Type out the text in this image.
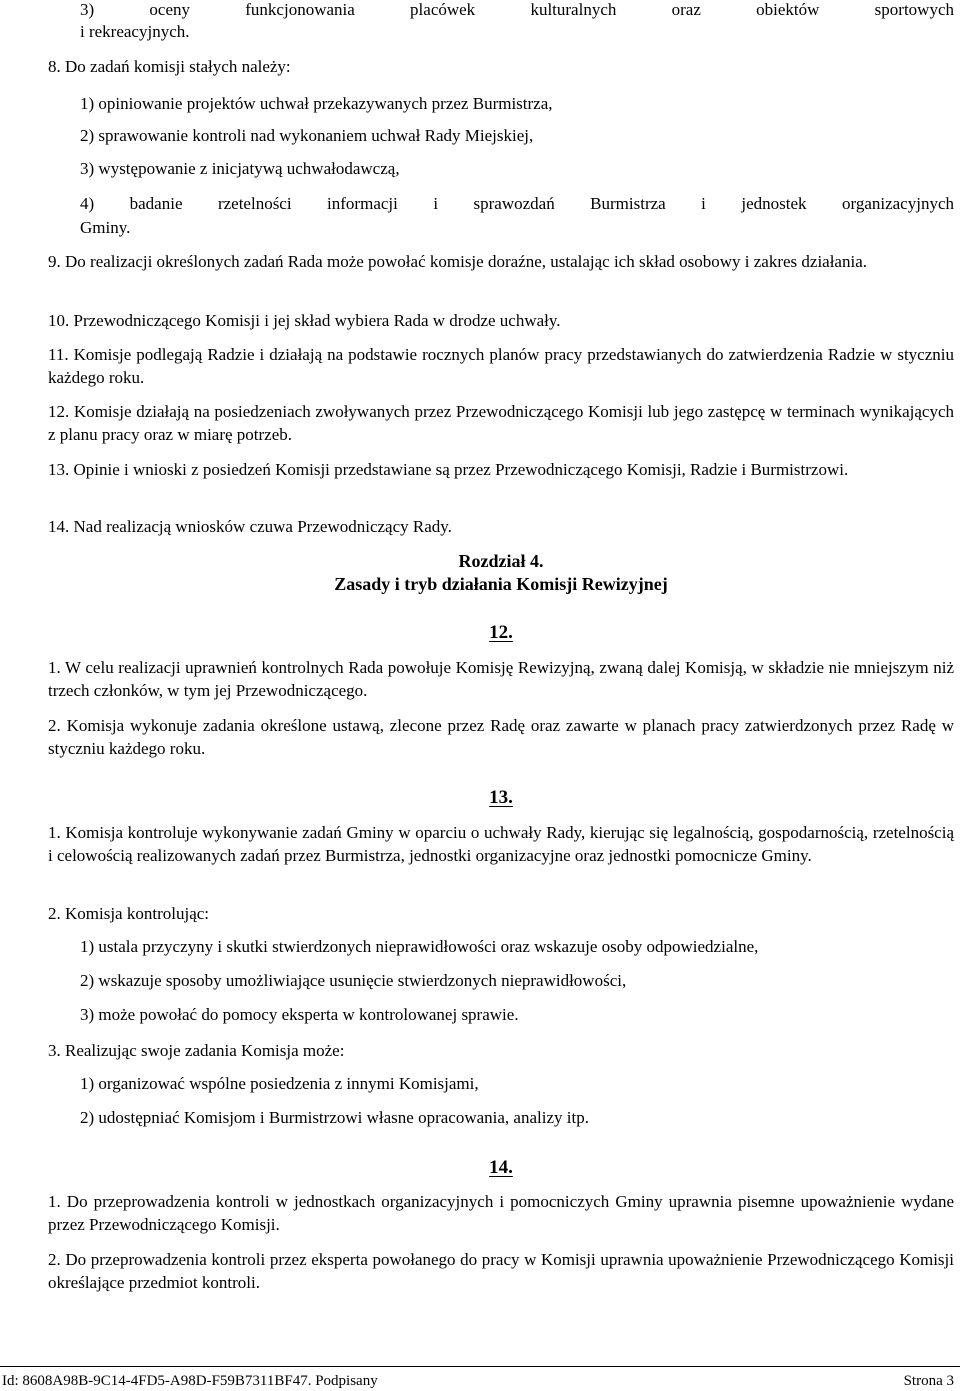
3) oceny funkcjonowania placówek kulturalnych oraz obiektów sportowych

i rekreacyjnych.

8. Do zadań komisji stałych należy:

1) opiniowanie projektów uchwał przekazywanych przez Burmistrza,

2) sprawowanie kontroli nad wykonaniem uchwał Rady Miejskiej,

3) występowanie z inicjatywą uchwałodawczą,

4) badanie rzetelności informacji i sprawozdań Burmistrza i jednostek organizacyjnych

Gminy.

9. Do realizacji określonych zadań Rada może powołać komisje doraźne, ustalając ich skład osobowy i zakres działania.

10. Przewodniczącego Komisji i jej skład wybiera Rada w drodze uchwały.

11. Komisje podlegają Radzie i działają na podstawie rocznych planów pracy przedstawianych do zatwierdzenia Radzie w styczniu każdego roku.

12. Komisje działają na posiedzeniach zwoływanych przez Przewodniczącego Komisji lub jego zastępcę w terminach wynikających z planu pracy oraz w miarę potrzeb.

13. Opinie i wnioski z posiedzeń Komisji przedstawiane są przez Przewodniczącego Komisji, Radzie i Burmistrzowi.

14. Nad realizacją wniosków czuwa Przewodniczący Rady.

Rozdział 4.

Zasady i tryb działania Komisji Rewizyjnej

12.

1. W celu realizacji uprawnień kontrolnych Rada powołuje Komisję Rewizyjną, zwaną dalej Komisją, w składzie nie mniejszym niż trzech członków, w tym jej Przewodniczącego.

2. Komisja wykonuje zadania określone ustawą, zlecone przez Radę oraz zawarte w planach pracy zatwierdzonych przez Radę w styczniu każdego roku.

13.

1. Komisja kontroluje wykonywanie zadań Gminy w oparciu o uchwały Rady, kierując się legalnością, gospodarnością, rzetelnością i celowością realizowanych zadań przez Burmistrza, jednostki organizacyjne oraz jednostki pomocnicze Gminy.

2. Komisja kontrolując:

1) ustala przyczyny i skutki stwierdzonych nieprawidłowości oraz wskazuje osoby odpowiedzialne,

2) wskazuje sposoby umożliwiające usunięcie stwierdzonych nieprawidłowości,

3) może powołać do pomocy eksperta w kontrolowanej sprawie.

3. Realizując swoje zadania Komisja może:

1) organizować wspólne posiedzenia z innymi Komisjami,

2) udostępniać Komisjom i Burmistrzowi własne opracowania, analizy itp.

14.

1. Do przeprowadzenia kontroli w jednostkach organizacyjnych i pomocniczych Gminy uprawnia pisemne upoważnienie wydane przez Przewodniczącego Komisji.

2. Do przeprowadzenia kontroli przez eksperta powołanego do pracy w Komisji uprawnia upoważnienie Przewodniczącego Komisji określające przedmiot kontroli.

Id: 8608A98B-9C14-4FD5-A98D-F59B7311BF47. Podpisany	Strona 3
